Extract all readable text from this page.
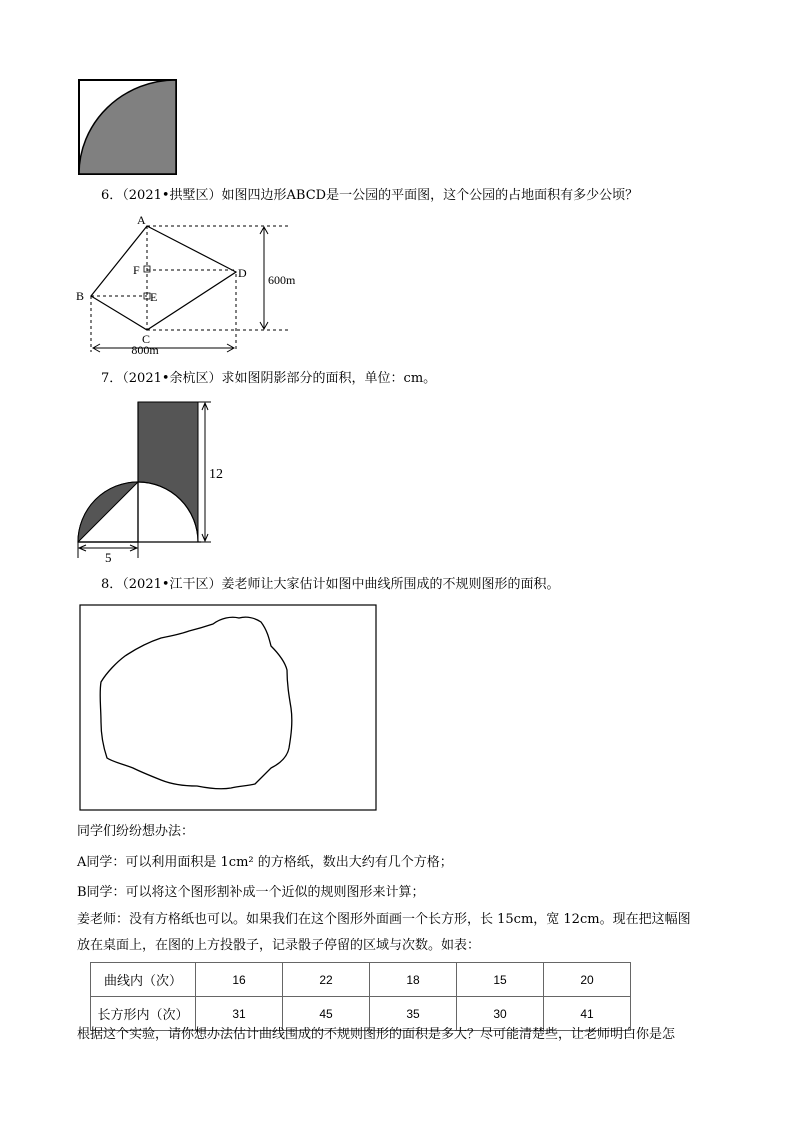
6．（2021•拱墅区）如图四边形ABCD是一公园的平面图，这个公园的占地面积有多少公顷？
A
B
C
D
E
F
600m
800m
7．（2021•余杭区）求如图阴影部分的面积，单位：cm。
12
5
8．（2021•江干区）姜老师让大家估计如图中曲线所围成的不规则图形的面积。
同学们纷纷想办法：
A同学：可以利用面积是 1cm² 的方格纸，数出大约有几个方格；
B同学：可以将这个图形割补成一个近似的规则图形来计算；
姜老师：没有方格纸也可以。如果我们在这个图形外面画一个长方形，长 15cm，宽 12cm。现在把这幅图
放在桌面上，在图的上方投骰子，记录骰子停留的区域与次数。如表：
曲线内（次）	16	22	18	15	20
长方形内（次）	31	45	35	30	41
根据这个实验，请你想办法估计曲线围成的不规则图形的面积是多大？尽可能清楚些，让老师明白你是怎
